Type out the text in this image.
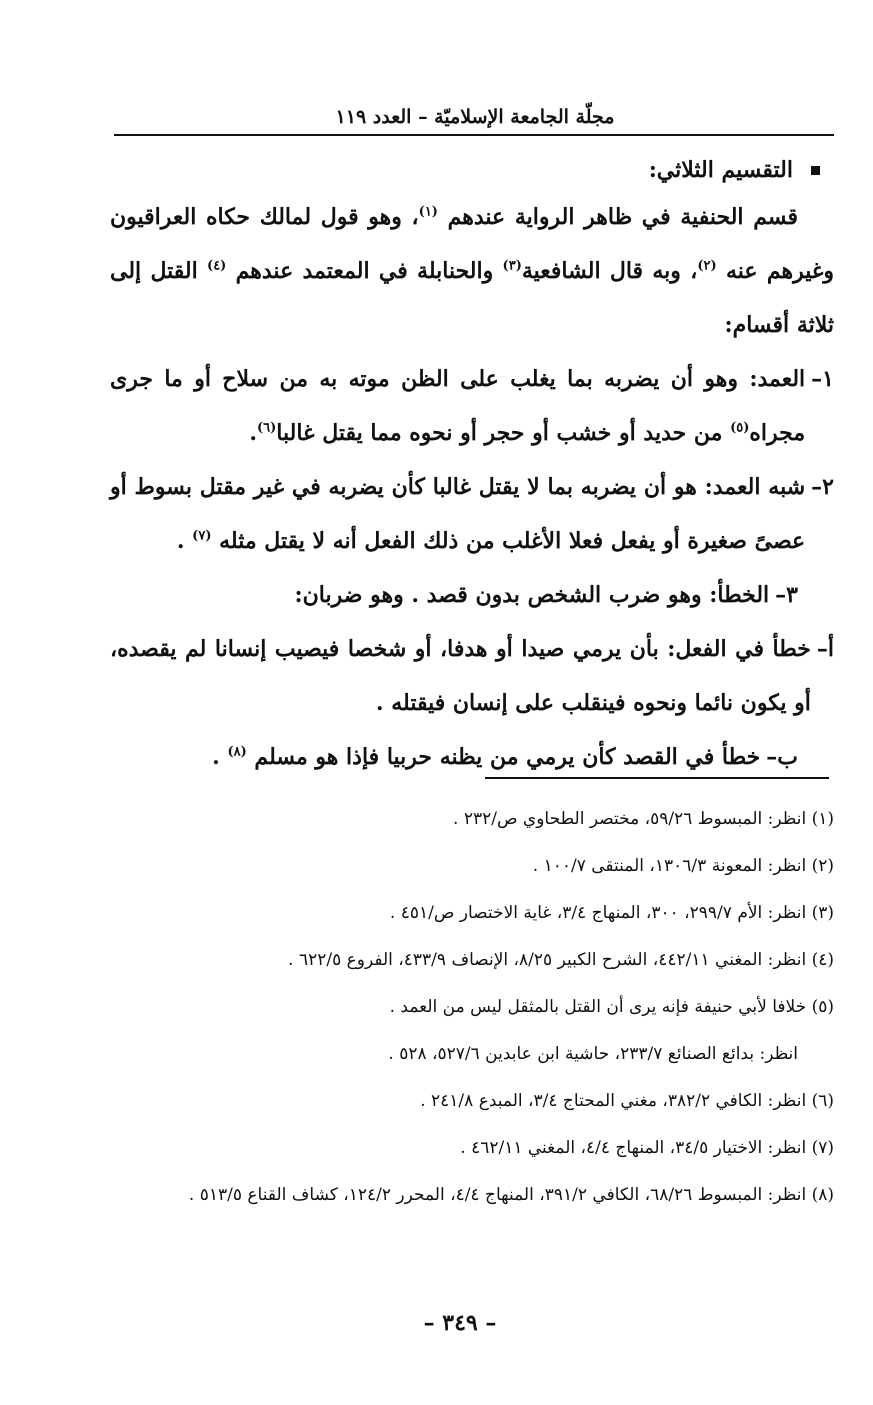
مجلّة الجامعة الإسلاميّة – العدد ١١٩
التقسيم الثلاثي:

قسم الحنفية في ظاهر الرواية عندهم $^{(١)}$، وهو قول لمالك حكاه العراقيون وغيرهم عنه $^{(٢)}$، وبه قال الشافعية$^{(٣)}$ والحنابلة في المعتمد عندهم $^{(٤)}$ القتل إلى ثلاثة أقسام:

١–
العمد: وهو أن يضربه بما يغلب على الظن موته به من سلاح أو ما جرى مجراه$^{(٥)}$ من حديد أو خشب أو حجر أو نحوه مما يقتل غالبا$^{(٦)}$.
٢–
شبه العمد: هو أن يضربه بما لا يقتل غالبا كأن يضربه في غير مقتل بسوط أو عصىً صغيرة أو يفعل فعلا الأغلب من ذلك الفعل أنه لا يقتل مثله $^{(٧)}$ .
٣–
الخطأ: وهو ضرب الشخص بدون قصد . وهو ضربان:
أ–
خطأ في الفعل: بأن يرمي صيدا أو هدفا، أو شخصا فيصيب إنسانا لم يقصده، أو يكون نائما ونحوه فينقلب على إنسان فيقتله .
ب–
خطأ في القصد كأن يرمي من يظنه حربيا فإذا هو مسلم $^{(٨)}$ .

(١) انظر: المبسوط ٥٩/٢٦، مختصر الطحاوي ص/٢٣٢ .

(٢) انظر: المعونة ١٣٠٦/٣، المنتقى ١٠٠/٧ .

(٣) انظر: الأم ٢٩٩/٧، ٣٠٠، المنهاج ٣/٤، غاية الاختصار ص/٤٥١ .

(٤) انظر: المغني ٤٤٢/١١، الشرح الكبير ٨/٢٥، الإنصاف ٤٣٣/٩، الفروع ٦٢٢/٥ .

(٥) خلافا لأبي حنيفة فإنه يرى أن القتل بالمثقل ليس من العمد .

انظر: بدائع الصنائع ٢٣٣/٧، حاشية ابن عابدين ٥٢٧/٦، ٥٢٨ .

(٦) انظر: الكافي ٣٨٢/٢، مغني المحتاج ٣/٤، المبدع ٢٤١/٨ .

(٧) انظر: الاختيار ٣٤/٥، المنهاج ٤/٤، المغني ٤٦٢/١١ .

(٨) انظر: المبسوط ٦٨/٢٦، الكافي ٣٩١/٢، المنهاج ٤/٤، المحرر ١٢٤/٢، كشاف القناع ٥١٣/٥ .

– ٣٤٩ –
